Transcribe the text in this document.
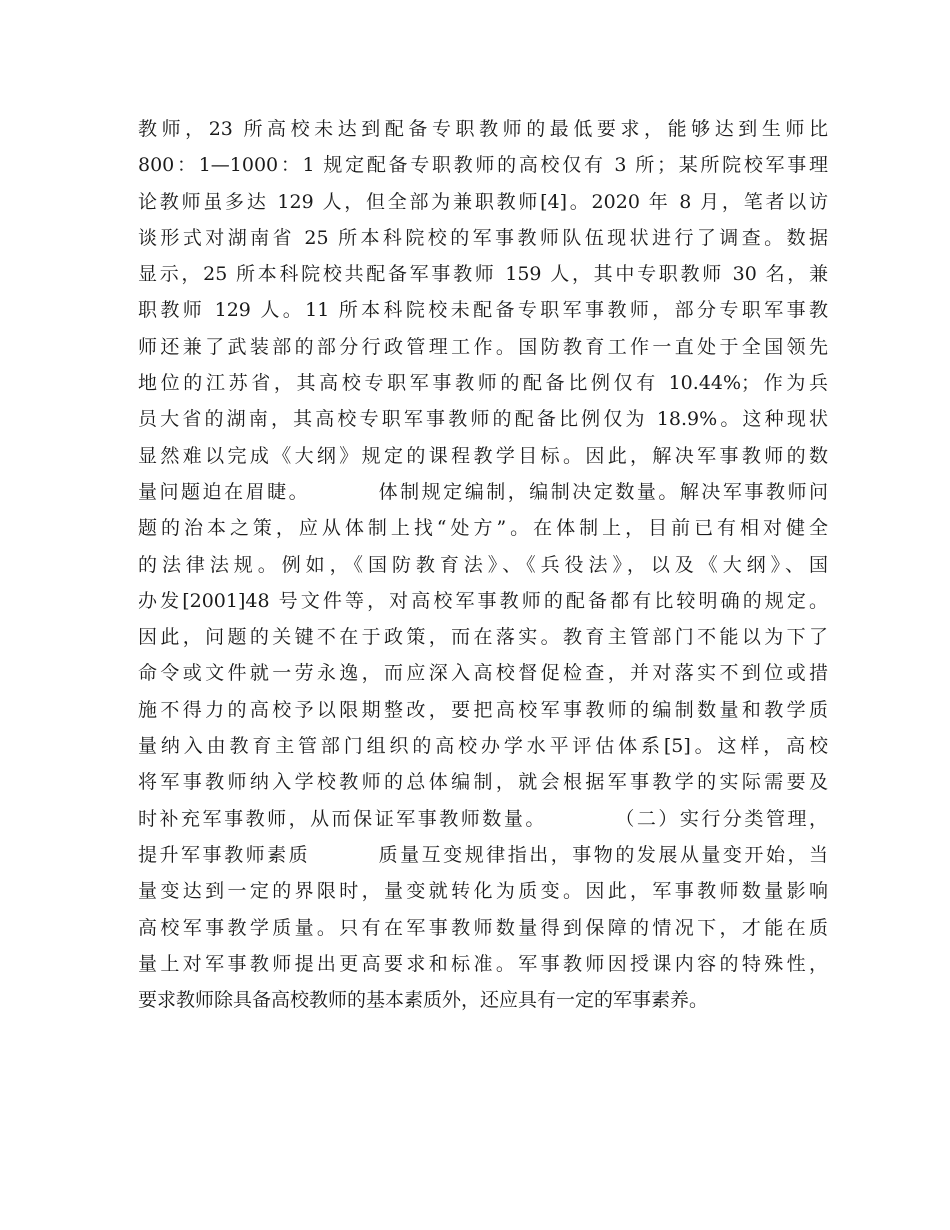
教师，23 所高校未达到配备专职教师的最低要求，能够达到生师比
800：1—1000：1 规定配备专职教师的高校仅有 3 所；某所院校军事理
论教师虽多达 129 人，但全部为兼职教师[4]。2020 年 8 月，笔者以访
谈形式对湖南省 25 所本科院校的军事教师队伍现状进行了调查。数据
显示，25 所本科院校共配备军事教师 159 人，其中专职教师 30 名，兼
职教师 129 人。11 所本科院校未配备专职军事教师，部分专职军事教
师还兼了武装部的部分行政管理工作。国防教育工作一直处于全国领先
地位的江苏省，其高校专职军事教师的配备比例仅有 10.44%；作为兵
员大省的湖南，其高校专职军事教师的配备比例仅为 18.9%。这种现状
显然难以完成《大纲》规定的课程教学目标。因此，解决军事教师的数
量问题迫在眉睫。        体制规定编制，编制决定数量。解决军事教师问
题的治本之策，应从体制上找“处方”。在体制上，目前已有相对健全
的法律法规。例如，《国防教育法》、《兵役法》，以及《大纲》、国
办发[2001]48 号文件等，对高校军事教师的配备都有比较明确的规定。
因此，问题的关键不在于政策，而在落实。教育主管部门不能以为下了
命令或文件就一劳永逸，而应深入高校督促检查，并对落实不到位或措
施不得力的高校予以限期整改，要把高校军事教师的编制数量和教学质
量纳入由教育主管部门组织的高校办学水平评估体系[5]。这样，高校
将军事教师纳入学校教师的总体编制，就会根据军事教学的实际需要及
时补充军事教师，从而保证军事教师数量。        （二）实行分类管理，
提升军事教师素质        质量互变规律指出，事物的发展从量变开始，当
量变达到一定的界限时，量变就转化为质变。因此，军事教师数量影响
高校军事教学质量。只有在军事教师数量得到保障的情况下，才能在质
量上对军事教师提出更高要求和标准。军事教师因授课内容的特殊性，
要求教师除具备高校教师的基本素质外，还应具有一定的军事素养。
